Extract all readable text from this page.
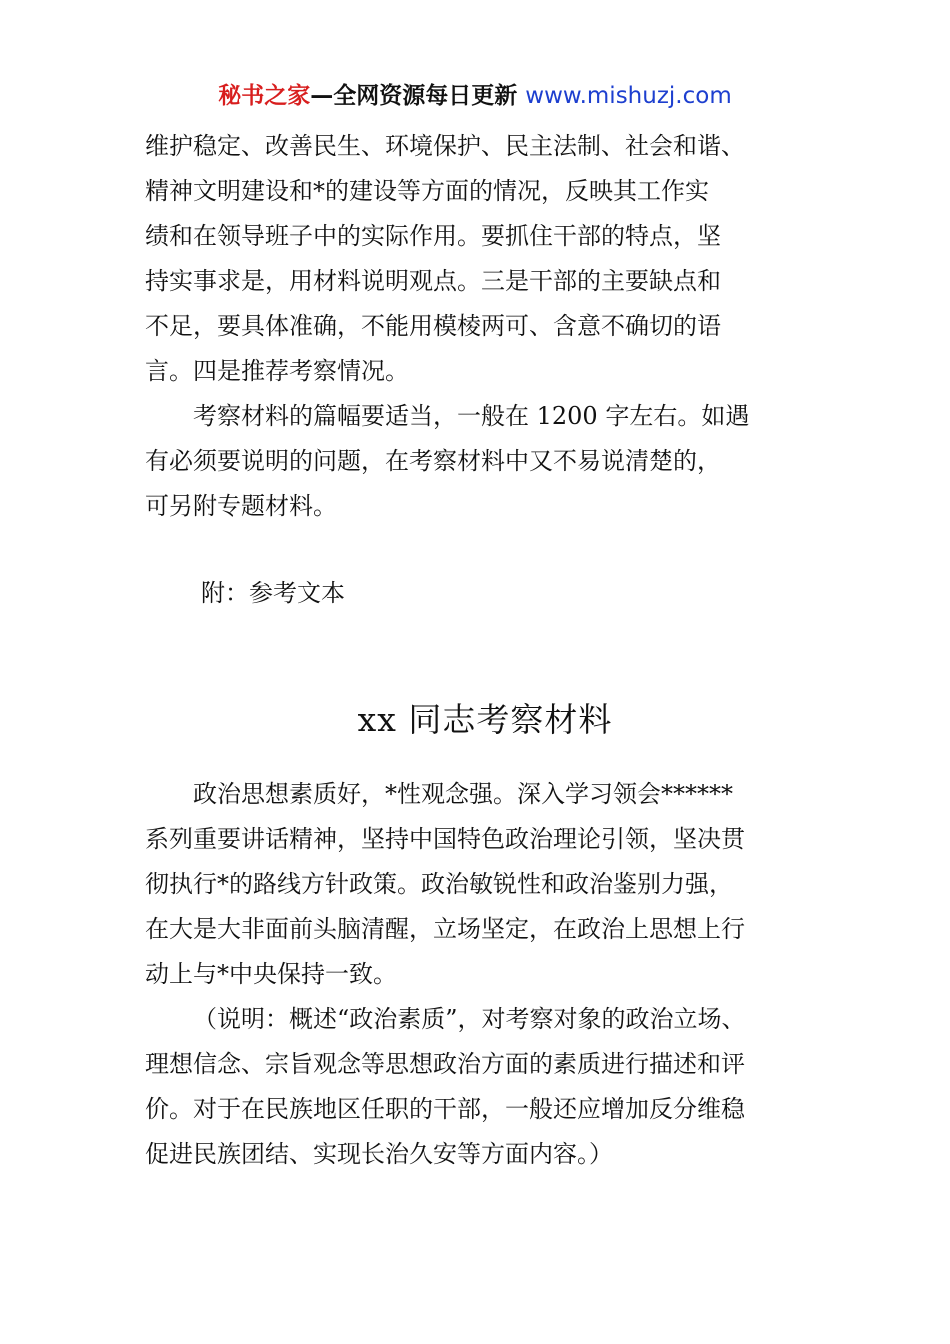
秘书之家—全网资源每日更新 www.mishuzj.com

维护稳定、改善民生、环境保护、民主法制、社会和谐、
精神文明建设和*的建设等方面的情况，反映其工作实
绩和在领导班子中的实际作用。要抓住干部的特点，坚
持实事求是，用材料说明观点。三是干部的主要缺点和
不足，要具体准确，不能用模棱两可、含意不确切的语
言。四是推荐考察情况。

考察材料的篇幅要适当，一般在 1200 字左右。如遇
有必须要说明的问题，在考察材料中又不易说清楚的，
可另附专题材料。

附：参考文本

xx 同志考察材料

政治思想素质好，*性观念强。深入学习领会******
系列重要讲话精神，坚持中国特色政治理论引领，坚决贯
彻执行*的路线方针政策。政治敏锐性和政治鉴别力强，
在大是大非面前头脑清醒，立场坚定，在政治上思想上行
动上与*中央保持一致。

（说明：概述“政治素质”，对考察对象的政治立场、
理想信念、宗旨观念等思想政治方面的素质进行描述和评
价。对于在民族地区任职的干部，一般还应增加反分维稳
促进民族团结、实现长治久安等方面内容。）
